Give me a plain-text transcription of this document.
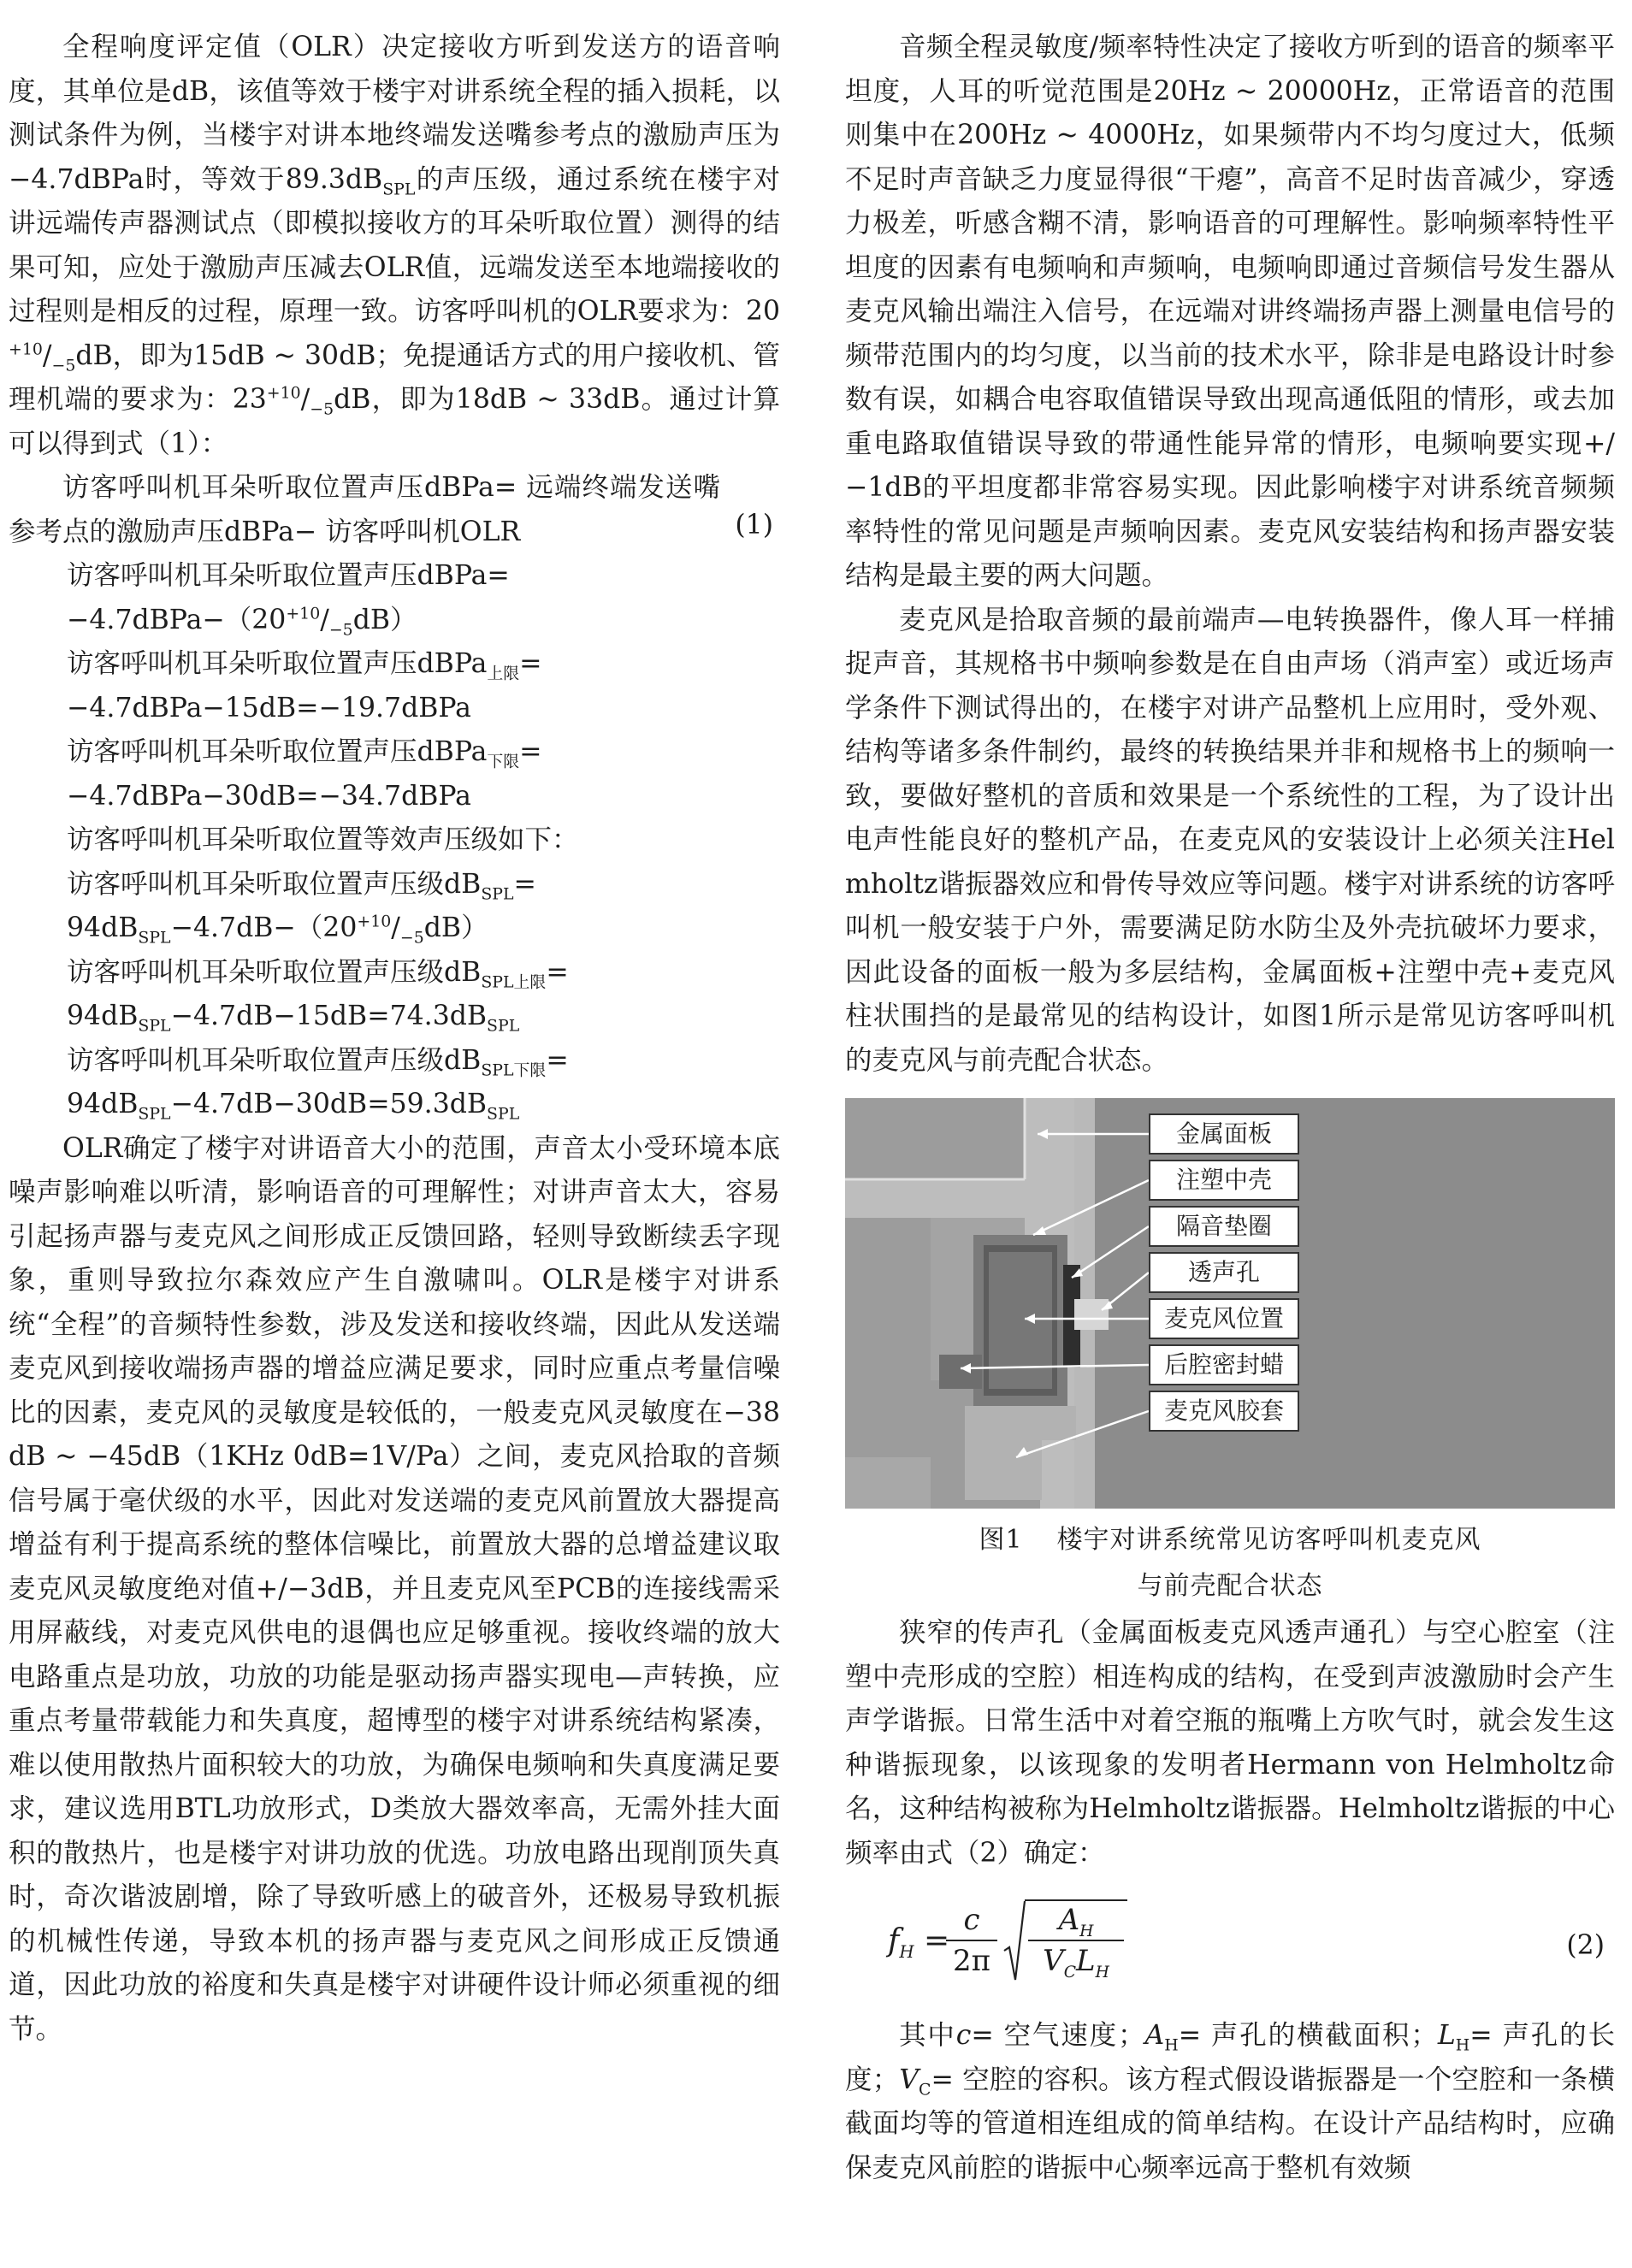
全程响度评定值（OLR）决定接收方听到发送方的语音响度，其单位是dB，该值等效于楼宇对讲系统全程的插入损耗，以测试条件为例，当楼宇对讲本地终端发送嘴参考点的激励声压为−4.7dBPa时，等效于$89.3dB_{SPL}$的声压级，通过系统在楼宇对讲远端传声器测试点（即模拟接收方的耳朵听取位置）测得的结果可知，应处于激励声压减去OLR值，远端发送至本地端接收的过程则是相反的过程，原理一致。访客呼叫机的OLR要求为：$20^{+10}/_{-5}dB$，即为15dB ~ 30dB；免提通话方式的用户接收机、管理机端的要求为：$23^{+10}/_{-5}dB$，即为18dB ~ 33dB。通过计算可以得到式（1）：

访客呼叫机耳朵听取位置声压dBPa= 远端终端发送嘴参考点的激励声压dBPa− 访客呼叫机OLR	(1)

访客呼叫机耳朵听取位置声压dBPa=

$-4.7dBPa-(20^{+10}/_{-5}dB)$

访客呼叫机耳朵听取位置声压dBPa$_{上限}$=

−4.7dBPa−15dB=−19.7dBPa

访客呼叫机耳朵听取位置声压dBPa$_{下限}$=

−4.7dBPa−30dB=−34.7dBPa

访客呼叫机耳朵听取位置等效声压级如下：

访客呼叫机耳朵听取位置声压级$dB_{SPL}=$

$94dB_{SPL}-4.7dB-(20^{+10}/_{-5}dB)$

访客呼叫机耳朵听取位置声压级$dB_{SPL上限}=$

$94dB_{SPL}-4.7dB-15dB=74.3dB_{SPL}$

访客呼叫机耳朵听取位置声压级$dB_{SPL下限}=$

$94dB_{SPL}-4.7dB-30dB=59.3dB_{SPL}$

OLR确定了楼宇对讲语音大小的范围，声音太小受环境本底噪声影响难以听清，影响语音的可理解性；对讲声音太大，容易引起扬声器与麦克风之间形成正反馈回路，轻则导致断续丢字现象，重则导致拉尔森效应产生自激啸叫。OLR是楼宇对讲系统“全程”的音频特性参数，涉及发送和接收终端，因此从发送端麦克风到接收端扬声器的增益应满足要求，同时应重点考量信噪比的因素，麦克风的灵敏度是较低的，一般麦克风灵敏度在−38dB ~ −45dB（1KHz 0dB=1V/Pa）之间，麦克风拾取的音频信号属于毫伏级的水平，因此对发送端的麦克风前置放大器提高增益有利于提高系统的整体信噪比，前置放大器的总增益建议取麦克风灵敏度绝对值+/−3dB，并且麦克风至PCB的连接线需采用屏蔽线，对麦克风供电的退偶也应足够重视。接收终端的放大电路重点是功放，功放的功能是驱动扬声器实现电—声转换，应重点考量带载能力和失真度，超博型的楼宇对讲系统结构紧凑，难以使用散热片面积较大的功放，为确保电频响和失真度满足要求，建议选用BTL功放形式，D类放大器效率高，无需外挂大面积的散热片，也是楼宇对讲功放的优选。功放电路出现削顶失真时，奇次谐波剧增，除了导致听感上的破音外，还极易导致机振的机械性传递，导致本机的扬声器与麦克风之间形成正反馈通道，因此功放的裕度和失真是楼宇对讲硬件设计师必须重视的细节。

音频全程灵敏度/频率特性决定了接收方听到的语音的频率平坦度，人耳的听觉范围是20Hz ~ 20000Hz，正常语音的范围则集中在200Hz ~ 4000Hz，如果频带内不均匀度过大，低频不足时声音缺乏力度显得很“干瘪”，高音不足时齿音减少，穿透力极差，听感含糊不清，影响语音的可理解性。影响频率特性平坦度的因素有电频响和声频响，电频响即通过音频信号发生器从麦克风输出端注入信号，在远端对讲终端扬声器上测量电信号的频带范围内的均匀度，以当前的技术水平，除非是电路设计时参数有误，如耦合电容取值错误导致出现高通低阻的情形，或去加重电路取值错误导致的带通性能异常的情形，电频响要实现+/−1dB的平坦度都非常容易实现。因此影响楼宇对讲系统音频频率特性的常见问题是声频响因素。麦克风安装结构和扬声器安装结构是最主要的两大问题。

麦克风是拾取音频的最前端声—电转换器件，像人耳一样捕捉声音，其规格书中频响参数是在自由声场（消声室）或近场声学条件下测试得出的，在楼宇对讲产品整机上应用时，受外观、结构等诸多条件制约，最终的转换结果并非和规格书上的频响一致，要做好整机的音质和效果是一个系统性的工程，为了设计出电声性能良好的整机产品，在麦克风的安装设计上必须关注Helmholtz谐振器效应和骨传导效应等问题。楼宇对讲系统的访客呼叫机一般安装于户外，需要满足防水防尘及外壳抗破坏力要求，因此设备的面板一般为多层结构，金属面板+注塑中壳+麦克风柱状围挡的是最常见的结构设计，如图1所示是常见访客呼叫机的麦克风与前壳配合状态。

金属面板
注塑中壳
隔音垫圈
透声孔
麦克风位置
后腔密封蜡
麦克风胶套

图1 楼宇对讲系统常见访客呼叫机麦克风

与前壳配合状态

狭窄的传声孔（金属面板麦克风透声通孔）与空心腔室（注塑中壳形成的空腔）相连构成的结构，在受到声波激励时会产生声学谐振。日常生活中对着空瓶的瓶嘴上方吹气时，就会发生这种谐振现象，以该现象的发明者Hermann von Helmholtz命名，这种结构被称为Helmholtz谐振器。Helmholtz谐振的中心频率由式（2）确定：

$f_H$ =
$\frac{c}{2\pi}$	$A_H$
$V_CL_H$
(2)

其中c= 空气速度；$A_H=$ 声孔的横截面积；$L_H=$ 声孔的长度；$V_C=$ 空腔的容积。该方程式假设谐振器是一个空腔和一条横截面均等的管道相连组成的简单结构。在设计产品结构时，应确保麦克风前腔的谐振中心频率远高于整机有效频
